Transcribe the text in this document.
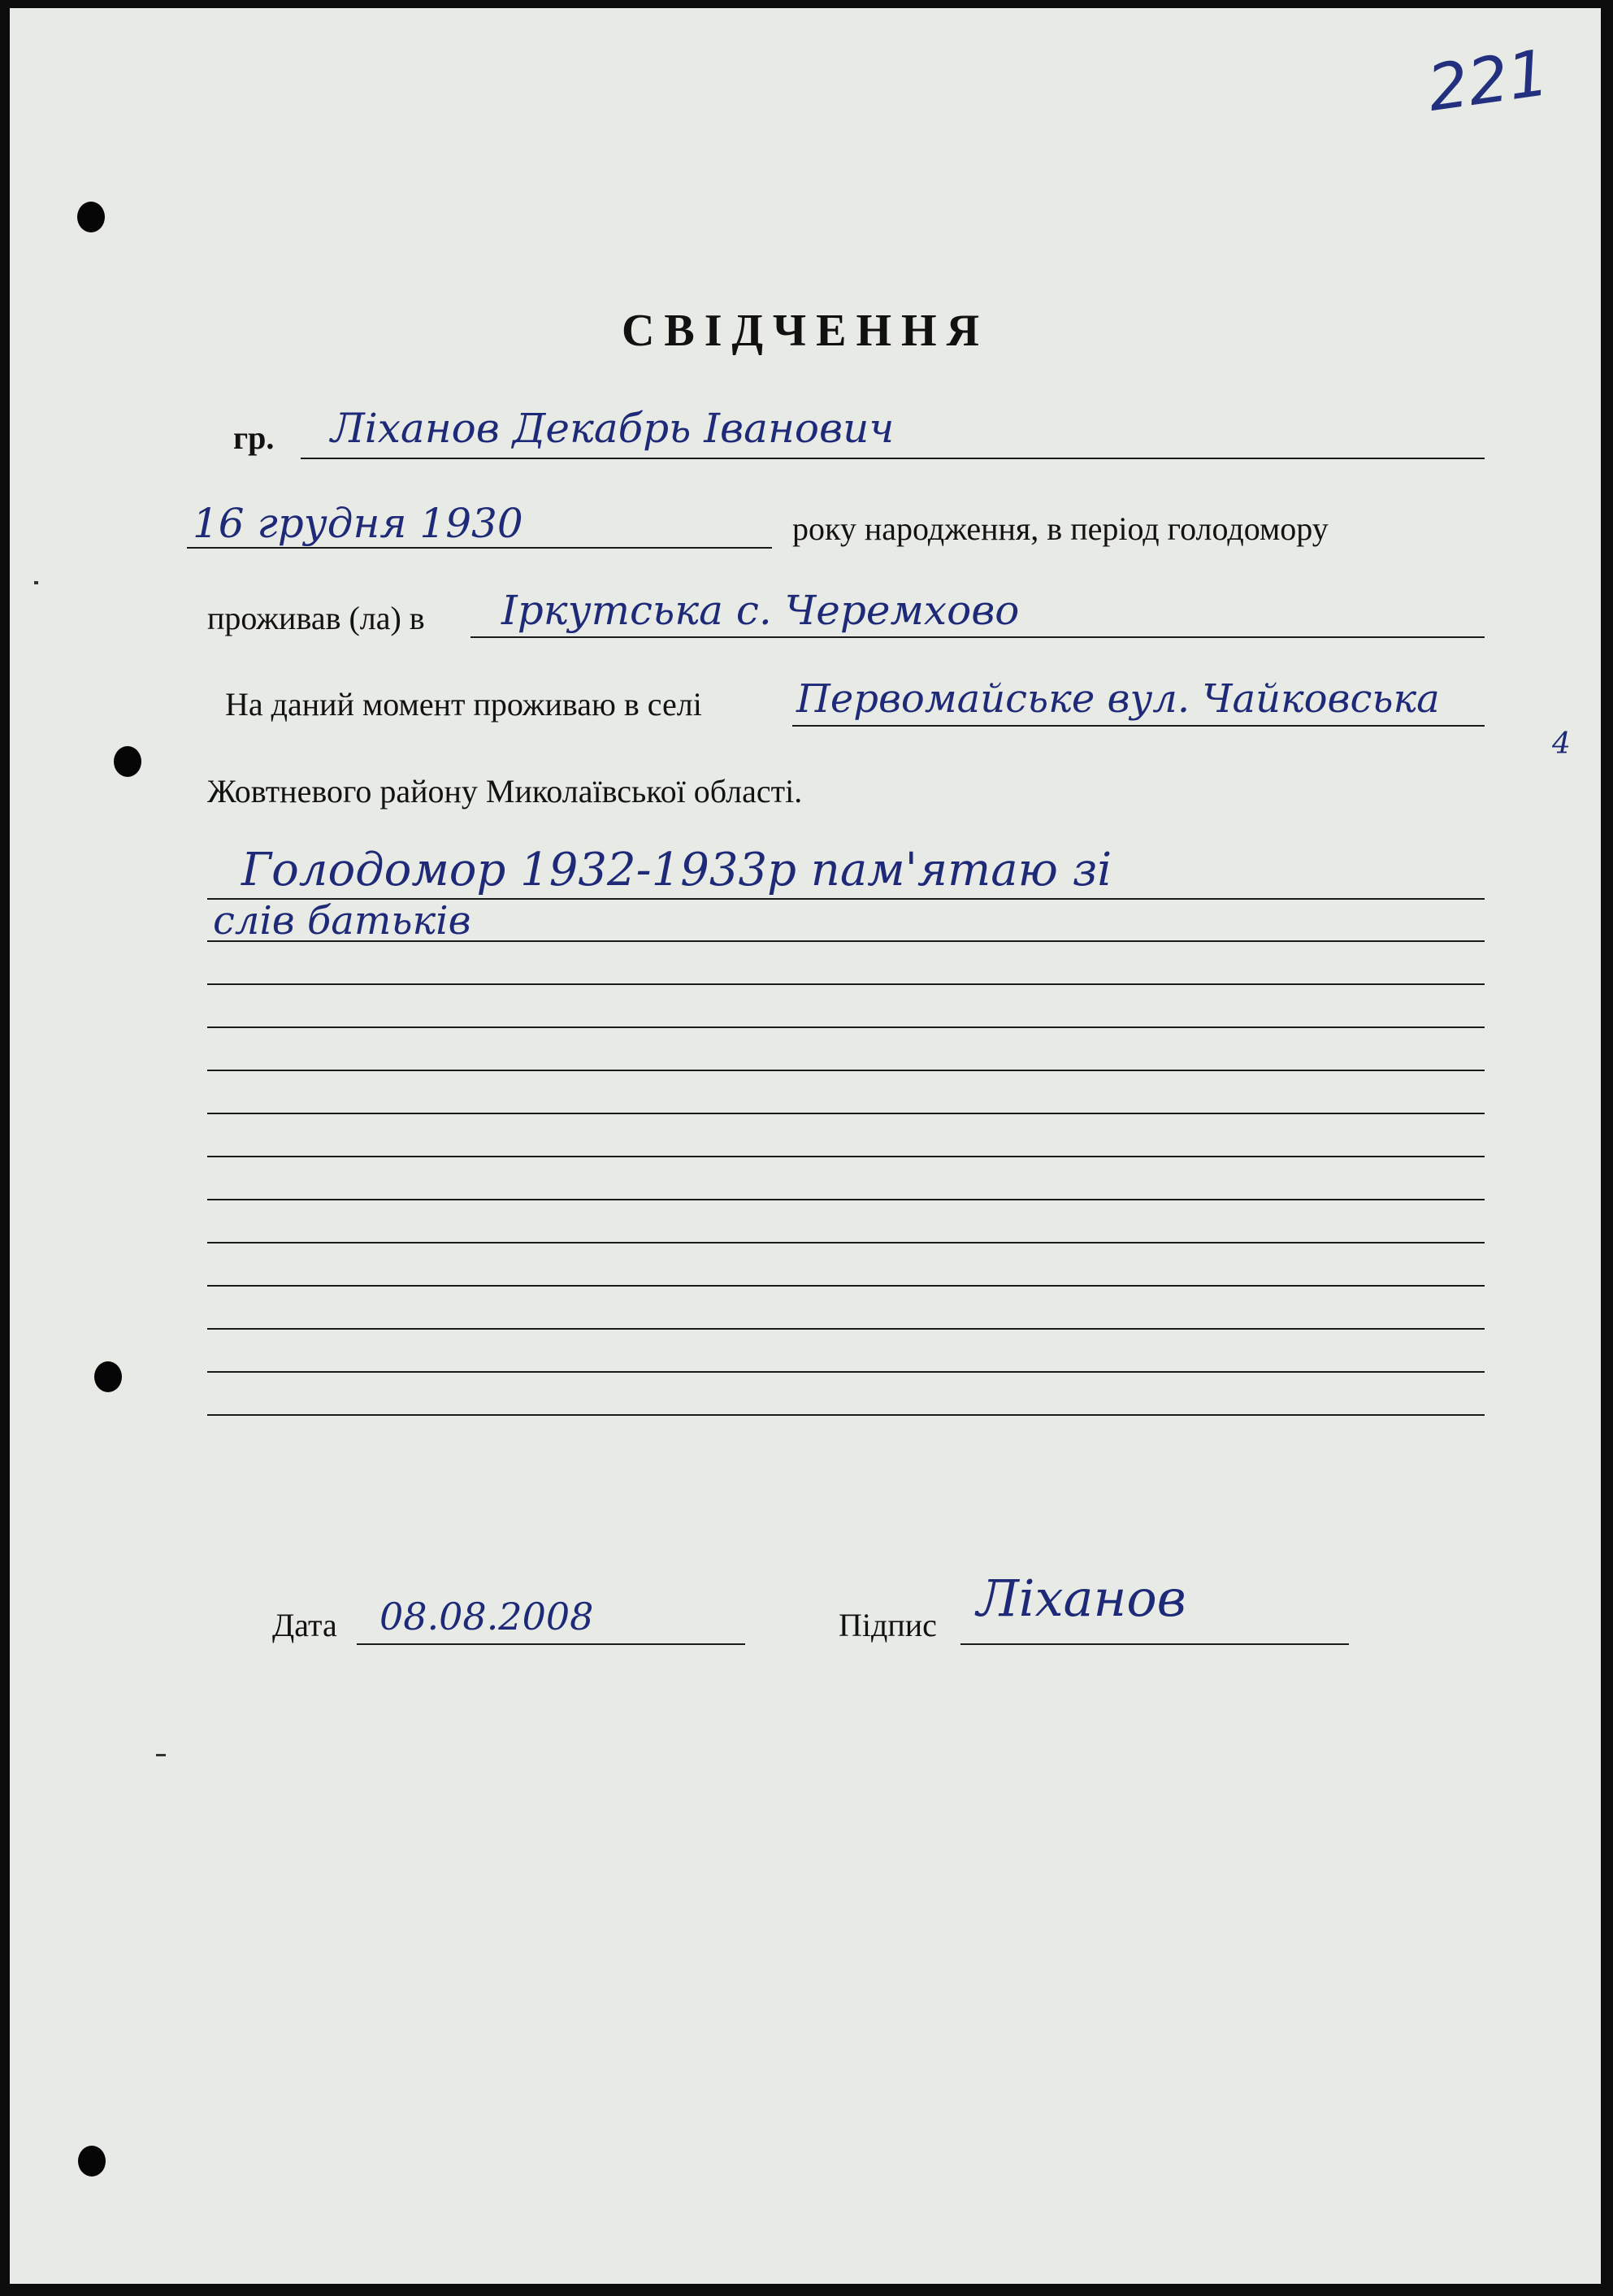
221
СВІДЧЕННЯ
гр. Ліханов Декабрь Іванович
16 грудня 1930	року народження, в період голодомору
проживав (ла) в Іркутська с. Черемхово
На даний момент проживаю в селі Первомайське вул. Чайковська
4
Жовтневого району Миколаївської області.
Голодомор 1932-1933р пам'ятаю зі
слів батьків
Дата 08.08.2008	Підпис Ліханов
